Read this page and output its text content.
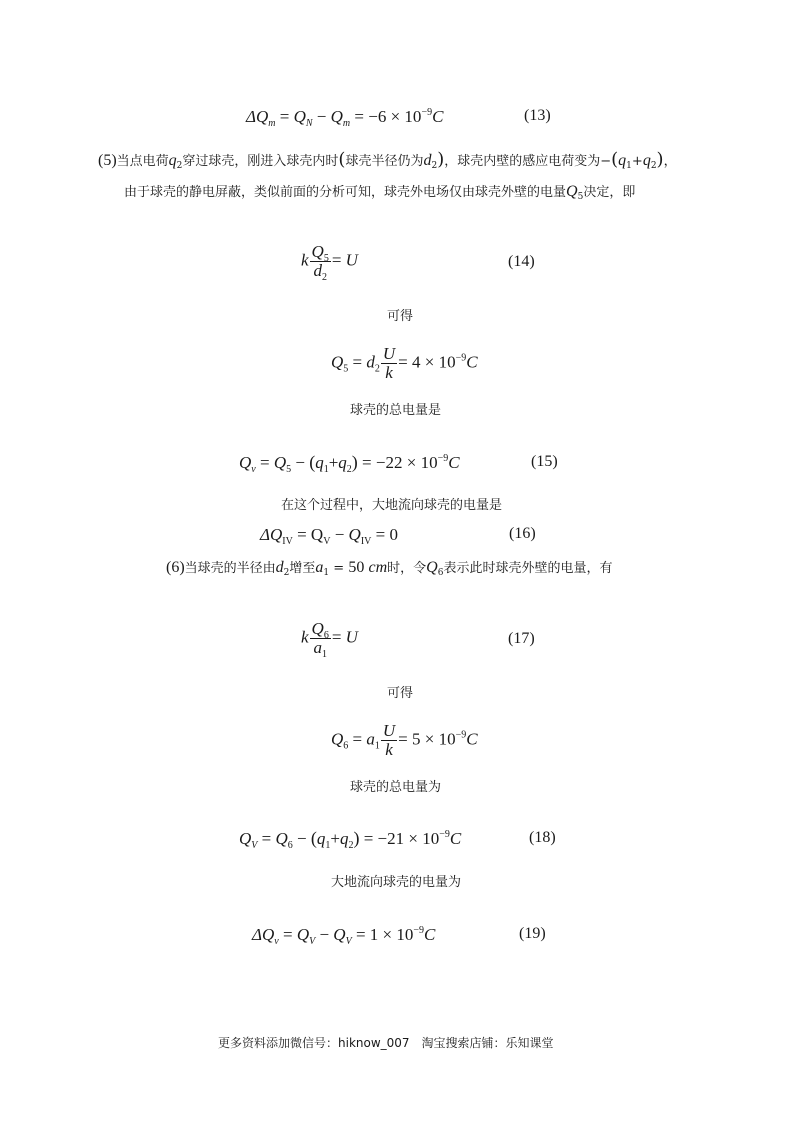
$\Delta Q_m = Q_N - Q_m = -6 \times 10^{-9}C$	(13)
(5)当点电荷$q_2$穿过球壳，刚进入球壳内时(球壳半径仍为$d_2$)，球壳内壁的感应电荷变为$-(q_1+q_2)$，
由于球壳的静电屏蔽，类似前面的分析可知，球壳外电场仅由球壳外壁的电量$Q_5$决定，即
k $\frac{Q_5}{d_2} = U$	(14)
可得
$Q_5 = d_2 \frac{U}{k} = 4 \times 10^{-9}C$
球壳的总电量是
$Q_v = Q_5 - (q_1+q_2) = -22 \times 10^{-9}C$	(15)
在这个过程中，大地流向球壳的电量是
$\Delta Q_{IV} = Q_V - Q_{IV} = 0$	(16)
(6)当球壳的半径由$d_2$增至$a_1 = 50$ cm时，令$Q_6$表示此时球壳外壁的电量，有
k $\frac{Q_6}{a_1} = U$	(17)
可得
$Q_6 = a_1 \frac{U}{k} = 5 \times 10^{-9}C$
球壳的总电量为
$Q_V = Q_6 - (q_1+q_2) = -21 \times 10^{-9}C$	(18)
大地流向球壳的电量为
$\Delta Q_v = Q_V - Q_V = 1 \times 10^{-9}C$	(19)
更多资料添加微信号：hiknow_007　淘宝搜索店铺：乐知课堂
